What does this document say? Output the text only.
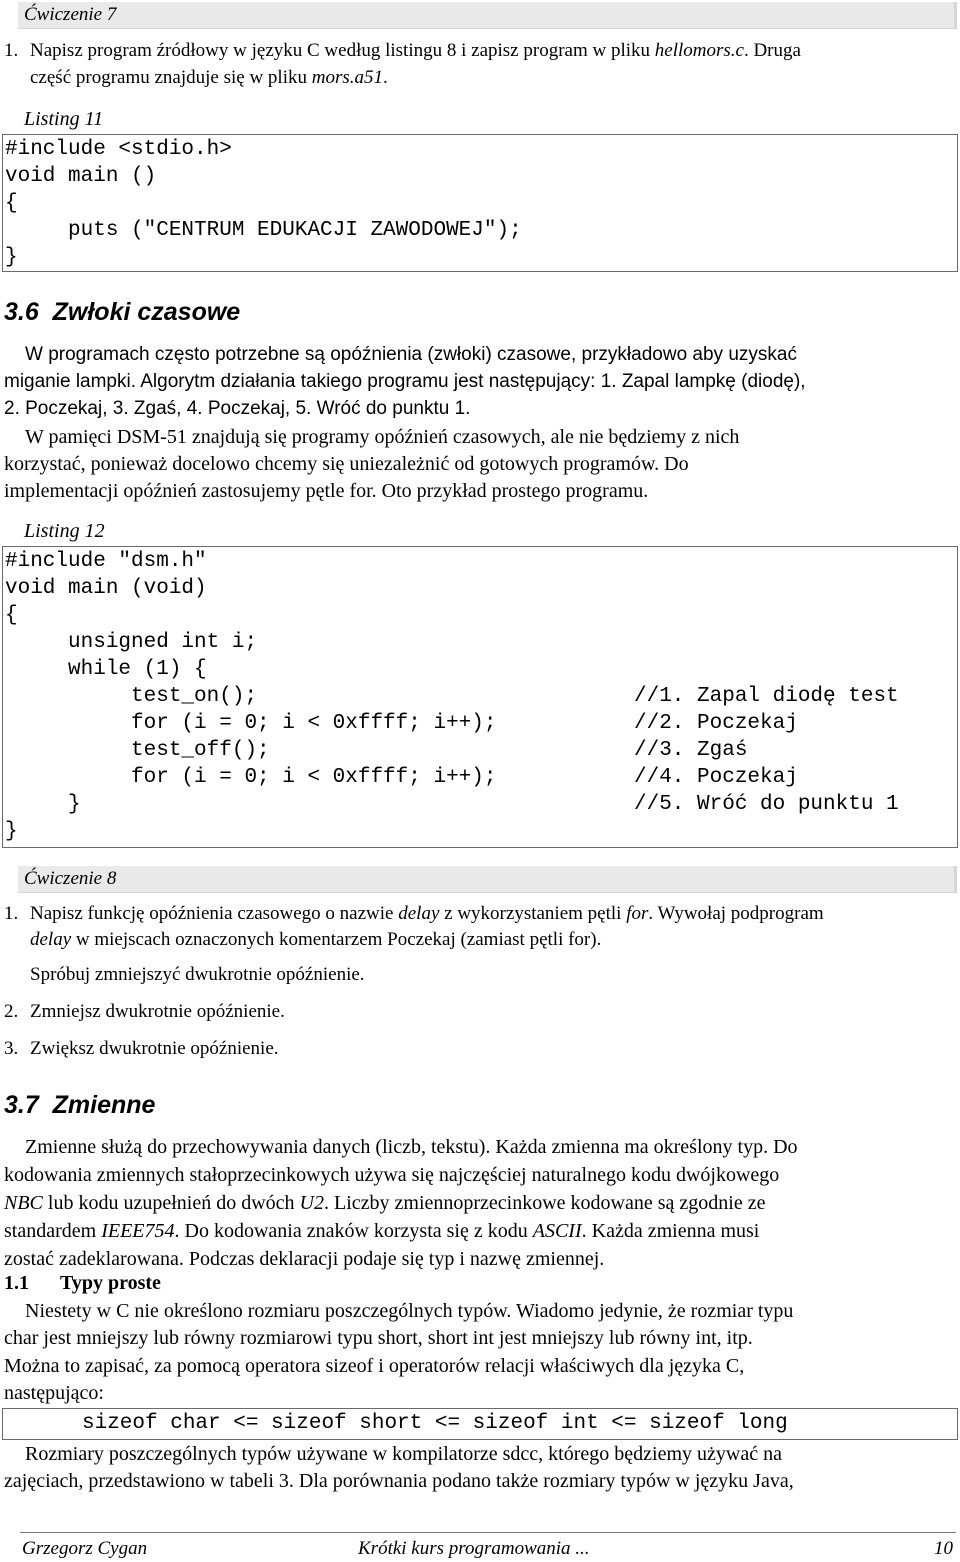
Ćwiczenie 7
1. Napisz program źródłowy w języku C według listingu 8 i zapisz program w pliku hellomors.c. Druga
część programu znajduje się w pliku mors.a51.
Listing 11
#include <stdio.h>
void main ()
{
puts ("CENTRUM EDUKACJI ZAWODOWEJ");
}
3.6  Zwłoki czasowe
W programach często potrzebne są opóźnienia (zwłoki) czasowe, przykładowo aby uzyskać
miganie lampki. Algorytm działania takiego programu jest następujący: 1. Zapal lampkę (diodę),
2. Poczekaj, 3. Zgaś, 4. Poczekaj, 5. Wróć do punktu 1.
W pamięci DSM-51 znajdują się programy opóźnień czasowych, ale nie będziemy z nich
korzystać, ponieważ docelowo chcemy się uniezależnić od gotowych programów. Do
implementacji opóźnień zastosujemy pętle for. Oto przykład prostego programu.
Listing 12
#include "dsm.h"
void main (void)
{
unsigned int i;
while (1) {
test_on();	//1. Zapal diodę test
for (i = 0; i < 0xffff; i++);	//2. Poczekaj
test_off();	//3. Zgaś
for (i = 0; i < 0xffff; i++);	//4. Poczekaj
}	//5. Wróć do punktu 1
}
Ćwiczenie 8
1. Napisz funkcję opóźnienia czasowego o nazwie delay z wykorzystaniem pętli for. Wywołaj podprogram
delay w miejscach oznaczonych komentarzem Poczekaj (zamiast pętli for).
Spróbuj zmniejszyć dwukrotnie opóźnienie.
2. Zmniejsz dwukrotnie opóźnienie.
3. Zwiększ dwukrotnie opóźnienie.
3.7  Zmienne
Zmienne służą do przechowywania danych (liczb, tekstu). Każda zmienna ma określony typ. Do
kodowania zmiennych stałoprzecinkowych używa się najczęściej naturalnego kodu dwójkowego
NBC lub kodu uzupełnień do dwóch U2. Liczby zmiennoprzecinkowe kodowane są zgodnie ze
standardem IEEE754. Do kodowania znaków korzysta się z kodu ASCII. Każda zmienna musi
zostać zadeklarowana. Podczas deklaracji podaje się typ i nazwę zmiennej.
1.1 Typy proste
Niestety w C nie określono rozmiaru poszczególnych typów. Wiadomo jedynie, że rozmiar typu
char jest mniejszy lub równy rozmiarowi typu short, short int jest mniejszy lub równy int, itp.
Można to zapisać, za pomocą operatora sizeof i operatorów relacji właściwych dla języka C,
następująco:
sizeof char <= sizeof short <= sizeof int <= sizeof long
Rozmiary poszczególnych typów używane w kompilatorze sdcc, którego będziemy używać na
zajęciach, przedstawiono w tabeli 3. Dla porównania podano także rozmiary typów w języku Java,
Grzegorz Cygan	Krótki kurs programowania ...	10
